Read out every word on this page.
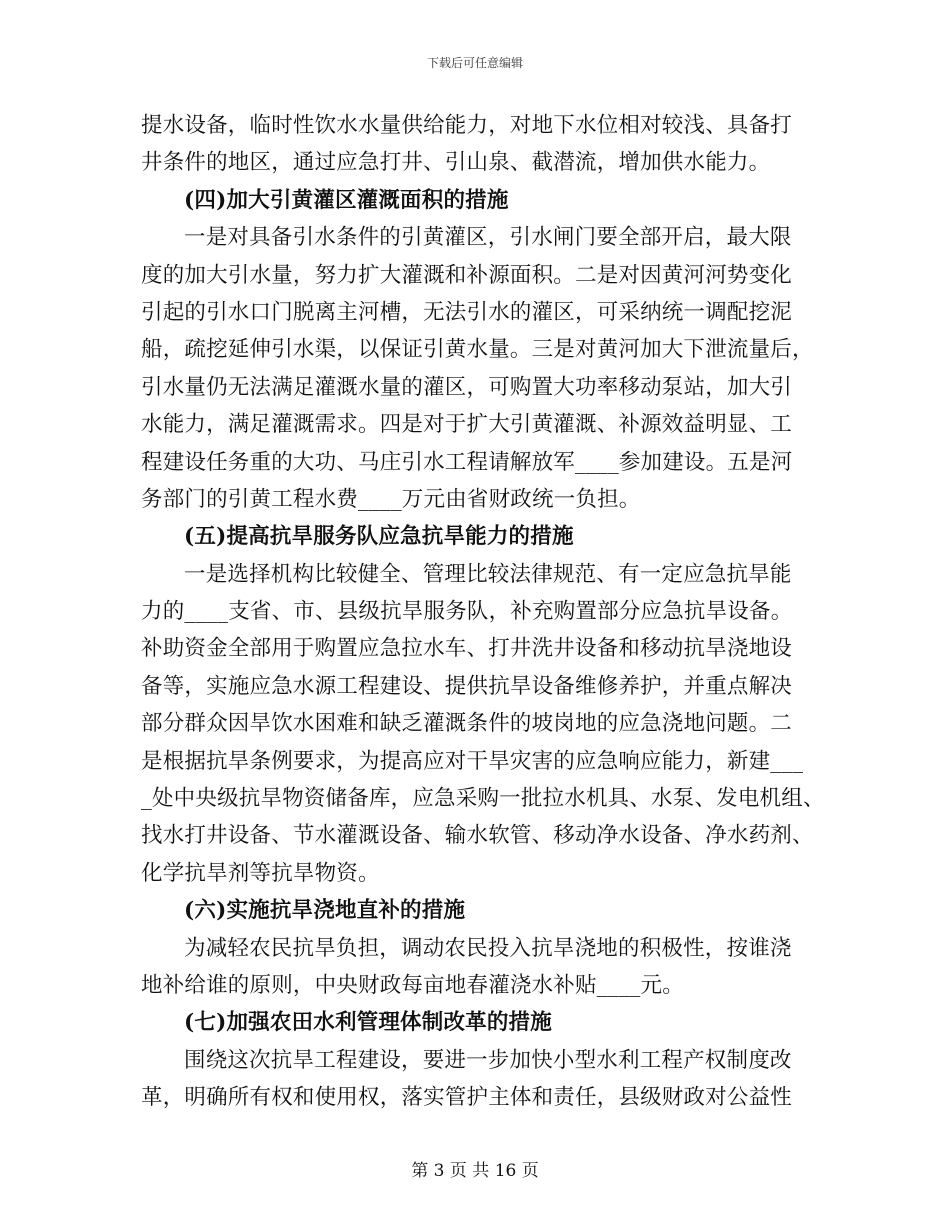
下载后可任意编辑
提水设备，临时性饮水水量供给能力，对地下水位相对较浅、具备打
井条件的地区，通过应急打井、引山泉、截潜流，增加供水能力。
(四)加大引黄灌区灌溉面积的措施
一是对具备引水条件的引黄灌区，引水闸门要全部开启，最大限
度的加大引水量，努力扩大灌溉和补源面积。二是对因黄河河势变化
引起的引水口门脱离主河槽，无法引水的灌区，可采纳统一调配挖泥
船，疏挖延伸引水渠，以保证引黄水量。三是对黄河加大下泄流量后，
引水量仍无法满足灌溉水量的灌区，可购置大功率移动泵站，加大引
水能力，满足灌溉需求。四是对于扩大引黄灌溉、补源效益明显、工
程建设任务重的大功、马庄引水工程请解放军____参加建设。五是河
务部门的引黄工程水费____万元由省财政统一负担。
(五)提高抗旱服务队应急抗旱能力的措施
一是选择机构比较健全、管理比较法律规范、有一定应急抗旱能
力的____支省、市、县级抗旱服务队，补充购置部分应急抗旱设备。
补助资金全部用于购置应急拉水车、打井洗井设备和移动抗旱浇地设
备等，实施应急水源工程建设、提供抗旱设备维修养护，并重点解决
部分群众因旱饮水困难和缺乏灌溉条件的坡岗地的应急浇地问题。二
是根据抗旱条例要求，为提高应对干旱灾害的应急响应能力，新建___
_处中央级抗旱物资储备库，应急采购一批拉水机具、水泵、发电机组、
找水打井设备、节水灌溉设备、输水软管、移动净水设备、净水药剂、
化学抗旱剂等抗旱物资。
(六)实施抗旱浇地直补的措施
为减轻农民抗旱负担，调动农民投入抗旱浇地的积极性，按谁浇
地补给谁的原则，中央财政每亩地春灌浇水补贴____元。
(七)加强农田水利管理体制改革的措施
围绕这次抗旱工程建设，要进一步加快小型水利工程产权制度改
革，明确所有权和使用权，落实管护主体和责任，县级财政对公益性
第 3 页 共 16 页
